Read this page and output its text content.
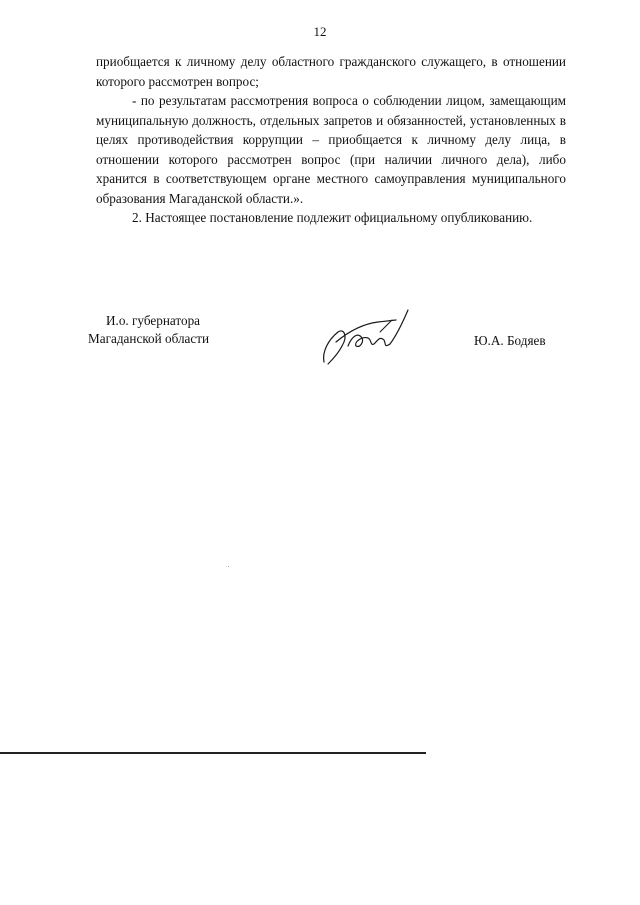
12

приобщается к личному делу областного гражданского служащего, в отношении которого рассмотрен вопрос;

- по результатам рассмотрения вопроса о соблюдении лицом, замещающим муниципальную должность, отдельных запретов и обязанностей, установленных в целях противодействия коррупции – приобщается к личному делу лица, в отношении которого рассмотрен вопрос (при наличии личного дела), либо хранится в соответствующем органе местного самоуправления муниципального образования Магаданской области.».

2. Настоящее постановление подлежит официальному опубликованию.

И.о. губернатора
Магаданской области	Ю.А. Бодяев
